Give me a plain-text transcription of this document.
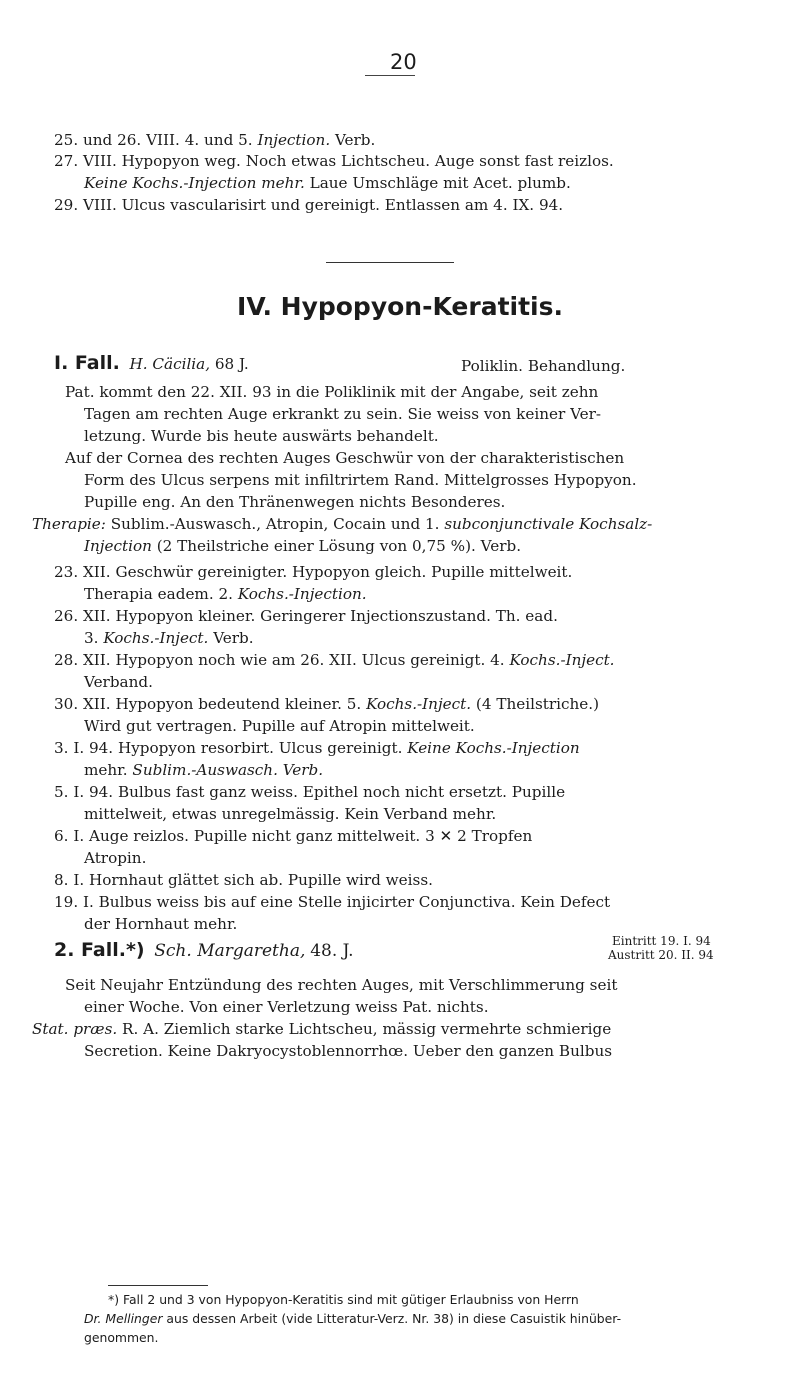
20
25. und 26. VIII. 4. und 5. Injection. Verb.
27. VIII. Hypopyon weg. Noch etwas Lichtscheu. Auge sonst fast reizlos.
Keine Kochs.-Injection mehr. Laue Umschläge mit Acet. plumb.
29. VIII. Ulcus vascularisirt und gereinigt. Entlassen am 4. IX. 94.
IV. Hypopyon-Keratitis.
I. Fall. H. Cäcilia, 68 J.	Poliklin. Behandlung.
Pat. kommt den 22. XII. 93 in die Poliklinik mit der Angabe, seit zehn
Tagen am rechten Auge erkrankt zu sein. Sie weiss von keiner Ver-
letzung. Wurde bis heute auswärts behandelt.
Auf der Cornea des rechten Auges Geschwür von der charakteristischen
Form des Ulcus serpens mit infiltrirtem Rand. Mittelgrosses Hypopyon.
Pupille eng. An den Thränenwegen nichts Besonderes.
Therapie: Sublim.-Auswasch., Atropin, Cocain und 1. subconjunctivale Kochsalz-
Injection (2 Theilstriche einer Lösung von 0,75 %). Verb.
23. XII. Geschwür gereinigter. Hypopyon gleich. Pupille mittelweit.
Therapia eadem. 2. Kochs.-Injection.
26. XII. Hypopyon kleiner. Geringerer Injectionszustand. Th. ead.
3. Kochs.-Inject. Verb.
28. XII. Hypopyon noch wie am 26. XII. Ulcus gereinigt. 4. Kochs.-Inject.
Verband.
30. XII. Hypopyon bedeutend kleiner. 5. Kochs.-Inject. (4 Theilstriche.)
Wird gut vertragen. Pupille auf Atropin mittelweit.
3. I. 94. Hypopyon resorbirt. Ulcus gereinigt. Keine Kochs.-Injection
mehr. Sublim.-Auswasch. Verb.
5. I. 94. Bulbus fast ganz weiss. Epithel noch nicht ersetzt. Pupille
mittelweit, etwas unregelmässig. Kein Verband mehr.
6. I. Auge reizlos. Pupille nicht ganz mittelweit. 3 ✕ 2 Tropfen
Atropin.
8. I. Hornhaut glättet sich ab. Pupille wird weiss.
19. I. Bulbus weiss bis auf eine Stelle injicirter Conjunctiva. Kein Defect
der Hornhaut mehr.
2. Fall.*) Sch. Margaretha, 48. J.	Eintritt 19. I. 94
Austritt 20. II. 94
Seit Neujahr Entzündung des rechten Auges, mit Verschlimmerung seit
einer Woche. Von einer Verletzung weiss Pat. nichts.
Stat. præs. R. A. Ziemlich starke Lichtscheu, mässig vermehrte schmierige
Secretion. Keine Dakryocystoblennorrhœ. Ueber den ganzen Bulbus
*) Fall 2 und 3 von Hypopyon-Keratitis sind mit gütiger Erlaubniss von Herrn
Dr. Mellinger aus dessen Arbeit (vide Litteratur-Verz. Nr. 38) in diese Casuistik hinüber-
genommen.
